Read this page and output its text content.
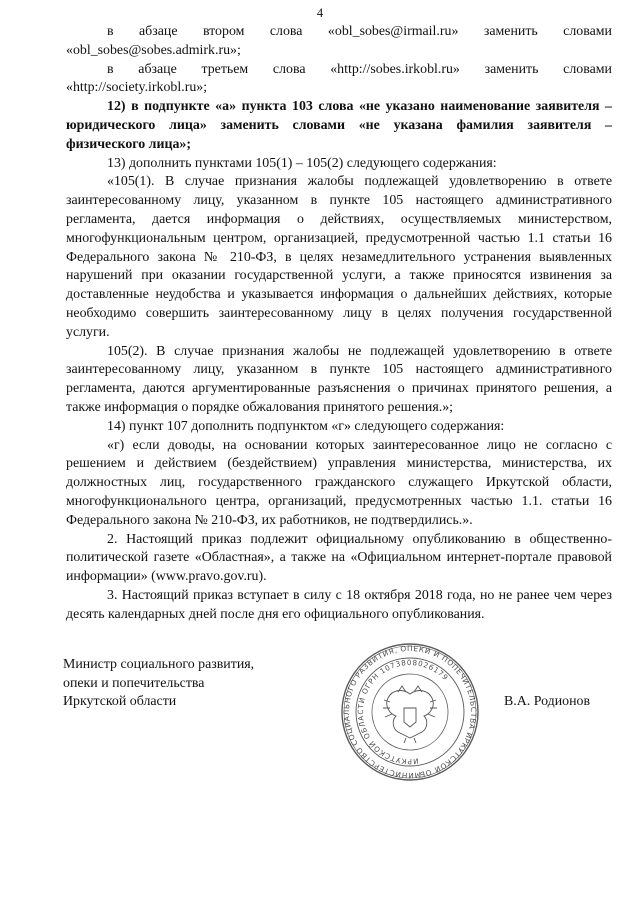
4

в абзаце втором слова «obl_sobes@irmail.ru» заменить словами «obl_sobes@sobes.admirk.ru»;

в абзаце третьем слова «http://sobes.irkobl.ru» заменить словами «http://society.irkobl.ru»;

12) в подпункте «а» пункта 103 слова «не указано наименование заявителя – юридического лица» заменить словами «не указана фамилия заявителя – физического лица»;

13) дополнить пунктами 105(1) – 105(2) следующего содержания:

«105(1). В случае признания жалобы подлежащей удовлетворению в ответе заинтересованному лицу, указанном в пункте 105 настоящего административного регламента, дается информация о действиях, осуществляемых министерством, многофункциональным центром, организацией, предусмотренной частью 1.1 статьи 16 Федерального закона № 210-ФЗ, в целях незамедлительного устранения выявленных нарушений при оказании государственной услуги, а также приносятся извинения за доставленные неудобства и указывается информация о дальнейших действиях, которые необходимо совершить заинтересованному лицу в целях получения государственной услуги.

105(2). В случае признания жалобы не подлежащей удовлетворению в ответе заинтересованному лицу, указанном в пункте 105 настоящего административного регламента, даются аргументированные разъяснения о причинах принятого решения, а также информация о порядке обжалования принятого решения.»;

14) пункт 107 дополнить подпунктом «г» следующего содержания:

«г) если доводы, на основании которых заинтересованное лицо не согласно с решением и действием (бездействием) управления министерства, министерства, их должностных лиц, государственного гражданского служащего Иркутской области, многофункционального центра, организаций, предусмотренных частью 1.1. статьи 16 Федерального закона № 210-ФЗ, их работников, не подтвердились.».

2. Настоящий приказ подлежит официальному опубликованию в общественно-политической газете «Областная», а также на «Официальном интернет-портале правовой информации» (www.pravo.gov.ru).

3. Настоящий приказ вступает в силу с 18 октября 2018 года, но не ранее чем через десять календарных дней после дня его официального опубликования.

Министр социального развития,
опеки и попечительства
Иркутской области
МИНИСТЕРСТВО СОЦИАЛЬНОГО РАЗВИТИЯ, ОПЕКИ И ПОПЕЧИТЕЛЬСТВА ИРКУТСКОЙ ОБЛАСТИ
ИРКУТСКОЙ ОБЛАСТИ ОГРН 1073808026179
В.А. Родионов
